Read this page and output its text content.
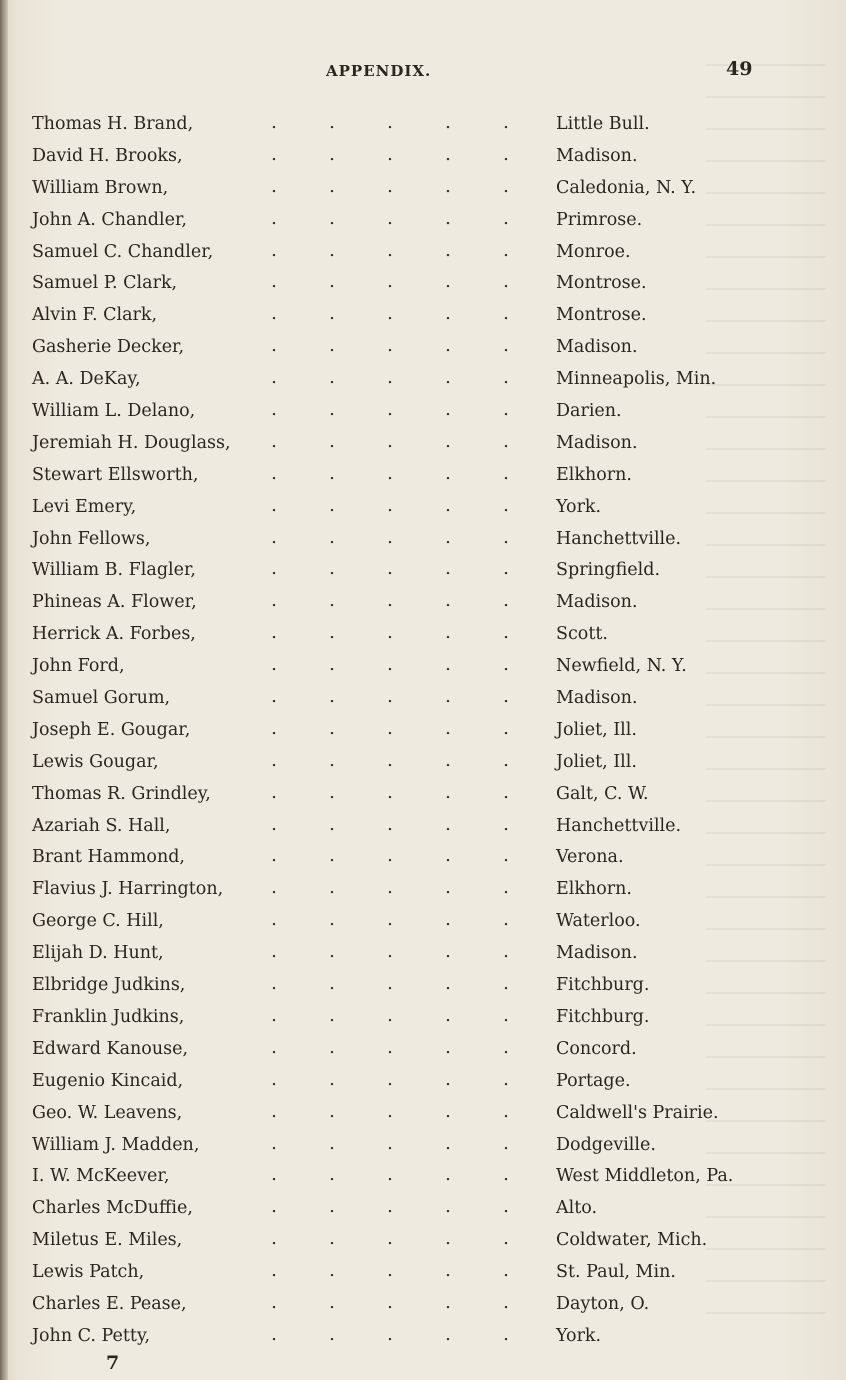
APPENDIX.	49
Thomas H. Brand,	.	.	.	.	.	Little Bull.
David H. Brooks,	.	.	.	.	.	Madison.
William Brown,	.	.	.	.	.	Caledonia, N. Y.
John A. Chandler,	.	.	.	.	.	Primrose.
Samuel C. Chandler,	.	.	.	.	.	Monroe.
Samuel P. Clark,	.	.	.	.	.	Montrose.
Alvin F. Clark,	.	.	.	.	.	Montrose.
Gasherie Decker,	.	.	.	.	.	Madison.
A. A. DeKay,	.	.	.	.	.	Minneapolis, Min.
William L. Delano,	.	.	.	.	.	Darien.
Jeremiah H. Douglass, .	.	.	.	.	Madison.
Stewart Ellsworth,	.	.	.	.	.	Elkhorn.
Levi Emery,	.	.	.	.	.	York.
John Fellows,	.	.	.	.	.	Hanchettville.
William B. Flagler,	.	.	.	.	.	Springfield.
Phineas A. Flower,	.	.	.	.	.	Madison.
Herrick A. Forbes,	.	.	.	.	.	Scott.
John Ford,	.	.	.	.	.	Newfield, N. Y.
Samuel Gorum,	.	.	.	.	.	Madison.
Joseph E. Gougar,	.	.	.	.	.	Joliet, Ill.
Lewis Gougar,	.	.	.	.	.	Joliet, Ill.
Thomas R. Grindley,	.	.	.	.	.	Galt, C. W.
Azariah S. Hall,	.	.	.	.	.	Hanchettville.
Brant Hammond,	.	.	.	.	.	Verona.
Flavius J. Harrington,	.	.	.	.	.	Elkhorn.
George C. Hill,	.	.	.	.	.	Waterloo.
Elijah D. Hunt,	.	.	.	.	.	Madison.
Elbridge Judkins,	.	.	.	.	.	Fitchburg.
Franklin Judkins,	.	.	.	.	.	Fitchburg.
Edward Kanouse,	.	.	.	.	.	Concord.
Eugenio Kincaid,	.	.	.	.	.	Portage.
Geo. W. Leavens,	.	.	.	.	.	Caldwell's Prairie.
William J. Madden,	.	.	.	.	.	Dodgeville.
I. W. McKeever,	.	.	.	.	.	West Middleton, Pa.
Charles McDuffie,	.	.	.	.	.	Alto.
Miletus E. Miles,	.	.	.	.	.	Coldwater, Mich.
Lewis Patch,	.	.	.	.	.	St. Paul, Min.
Charles E. Pease,	.	.	.	.	.	Dayton, O.
John C. Petty,	.	.	.	.	.	York.
7
